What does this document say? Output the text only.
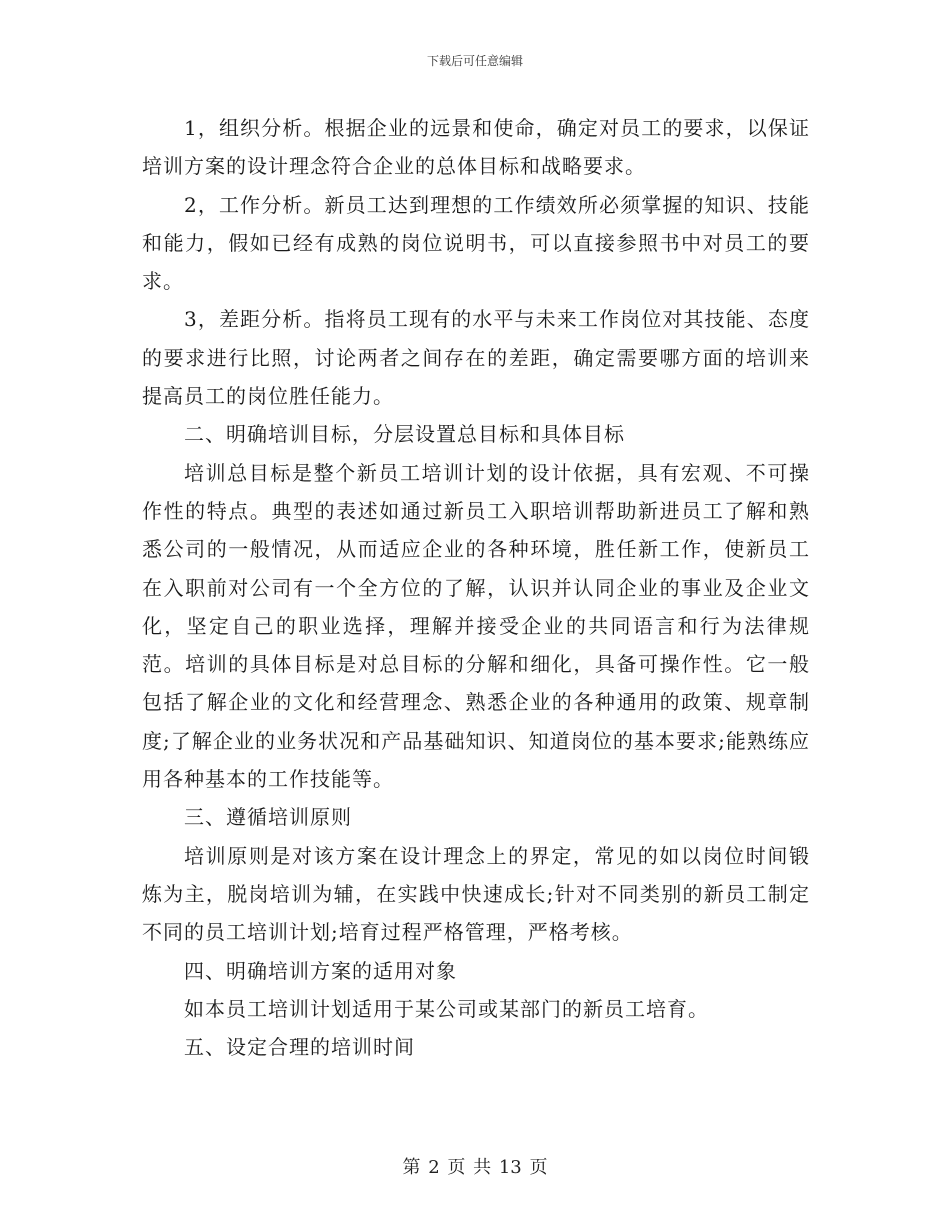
下载后可任意编辑

1，组织分析。根据企业的远景和使命，确定对员工的要求，以保证培训方案的设计理念符合企业的总体目标和战略要求。

2，工作分析。新员工达到理想的工作绩效所必须掌握的知识、技能和能力，假如已经有成熟的岗位说明书，可以直接参照书中对员工的要求。

3，差距分析。指将员工现有的水平与未来工作岗位对其技能、态度的要求进行比照，讨论两者之间存在的差距，确定需要哪方面的培训来提高员工的岗位胜任能力。

二、明确培训目标，分层设置总目标和具体目标

培训总目标是整个新员工培训计划的设计依据，具有宏观、不可操作性的特点。典型的表述如通过新员工入职培训帮助新进员工了解和熟悉公司的一般情况，从而适应企业的各种环境，胜任新工作，使新员工在入职前对公司有一个全方位的了解，认识并认同企业的事业及企业文化，坚定自己的职业选择，理解并接受企业的共同语言和行为法律规范。培训的具体目标是对总目标的分解和细化，具备可操作性。它一般包括了解企业的文化和经营理念、熟悉企业的各种通用的政策、规章制度;了解企业的业务状况和产品基础知识、知道岗位的基本要求;能熟练应用各种基本的工作技能等。

三、遵循培训原则

培训原则是对该方案在设计理念上的界定，常见的如以岗位时间锻炼为主，脱岗培训为辅，在实践中快速成长;针对不同类别的新员工制定不同的员工培训计划;培育过程严格管理，严格考核。

四、明确培训方案的适用对象

如本员工培训计划适用于某公司或某部门的新员工培育。

五、设定合理的培训时间

第 2 页 共 13 页
